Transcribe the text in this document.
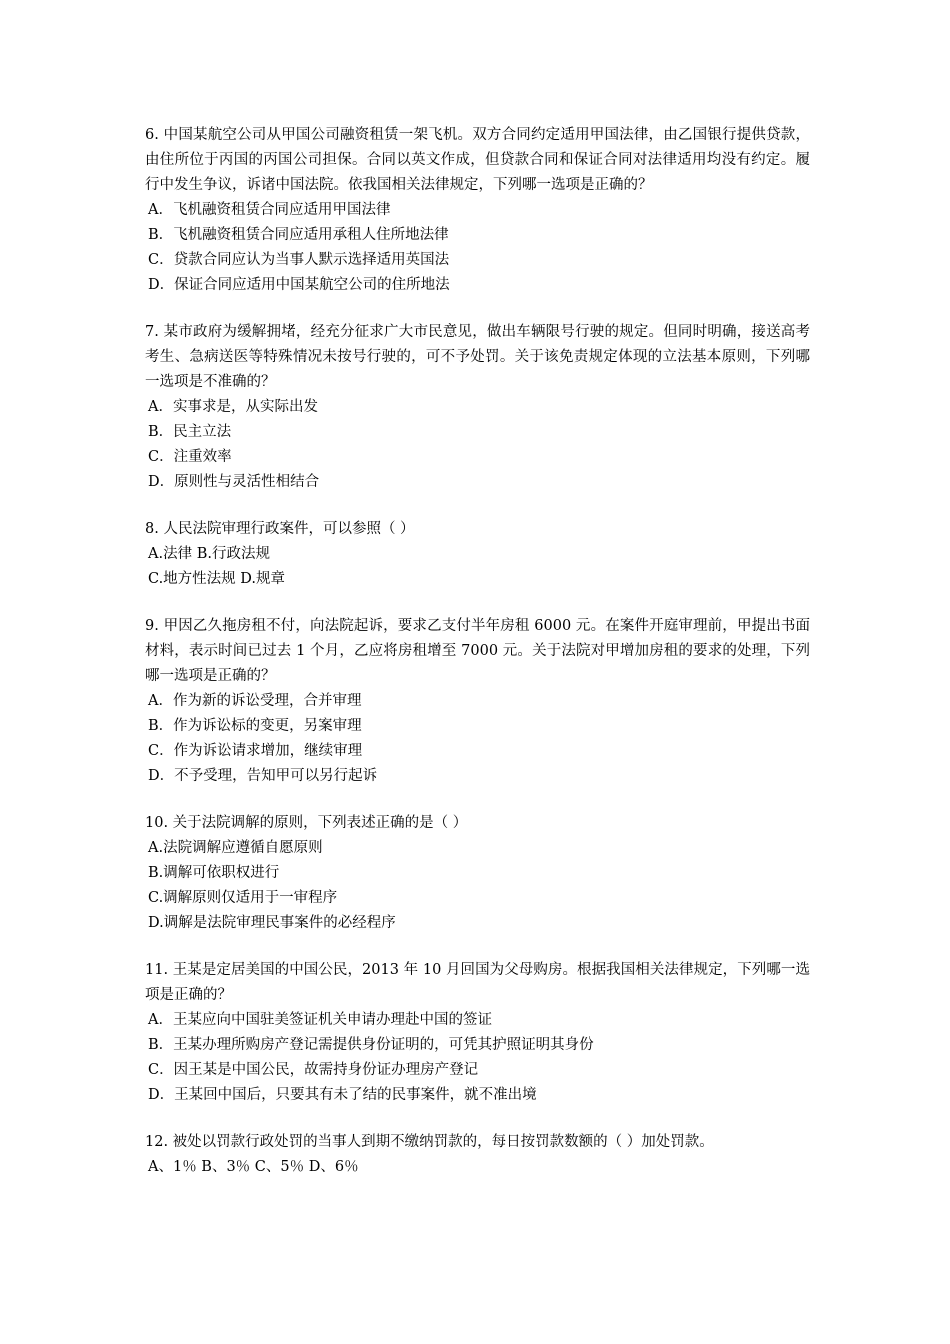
6. 中国某航空公司从甲国公司融资租赁一架飞机。双方合同约定适用甲国法律，由乙国银行提供贷款，由住所位于丙国的丙国公司担保。合同以英文作成，但贷款合同和保证合同对法律适用均没有约定。履行中发生争议，诉诸中国法院。依我国相关法律规定，下列哪一选项是正确的？

A．飞机融资租赁合同应适用甲国法律

B．飞机融资租赁合同应适用承租人住所地法律

C．贷款合同应认为当事人默示选择适用英国法

D．保证合同应适用中国某航空公司的住所地法

7. 某市政府为缓解拥堵，经充分征求广大市民意见，做出车辆限号行驶的规定。但同时明确，接送高考考生、急病送医等特殊情况未按号行驶的，可不予处罚。关于该免责规定体现的立法基本原则，下列哪一选项是不准确的？

A．实事求是，从实际出发

B．民主立法

C．注重效率

D．原则性与灵活性相结合

8. 人民法院审理行政案件，可以参照（ ）

A.法律 B.行政法规

C.地方性法规 D.规章

9. 甲因乙久拖房租不付，向法院起诉，要求乙支付半年房租 6000 元。在案件开庭审理前，甲提出书面材料，表示时间已过去 1 个月，乙应将房租增至 7000 元。关于法院对甲增加房租的要求的处理，下列哪一选项是正确的？

A．作为新的诉讼受理，合并审理

B．作为诉讼标的变更，另案审理

C．作为诉讼请求增加，继续审理

D．不予受理，告知甲可以另行起诉

10. 关于法院调解的原则，下列表述正确的是（ ）

A.法院调解应遵循自愿原则

B.调解可依职权进行

C.调解原则仅适用于一审程序

D.调解是法院审理民事案件的必经程序

11. 王某是定居美国的中国公民，2013 年 10 月回国为父母购房。根据我国相关法律规定，下列哪一选项是正确的？

A．王某应向中国驻美签证机关申请办理赴中国的签证

B．王某办理所购房产登记需提供身份证明的，可凭其护照证明其身份

C．因王某是中国公民，故需持身份证办理房产登记

D．王某回中国后，只要其有未了结的民事案件，就不准出境

12. 被处以罚款行政处罚的当事人到期不缴纳罚款的，每日按罚款数额的（ ）加处罚款。

A、1％ B、3％ C、5％ D、6％
